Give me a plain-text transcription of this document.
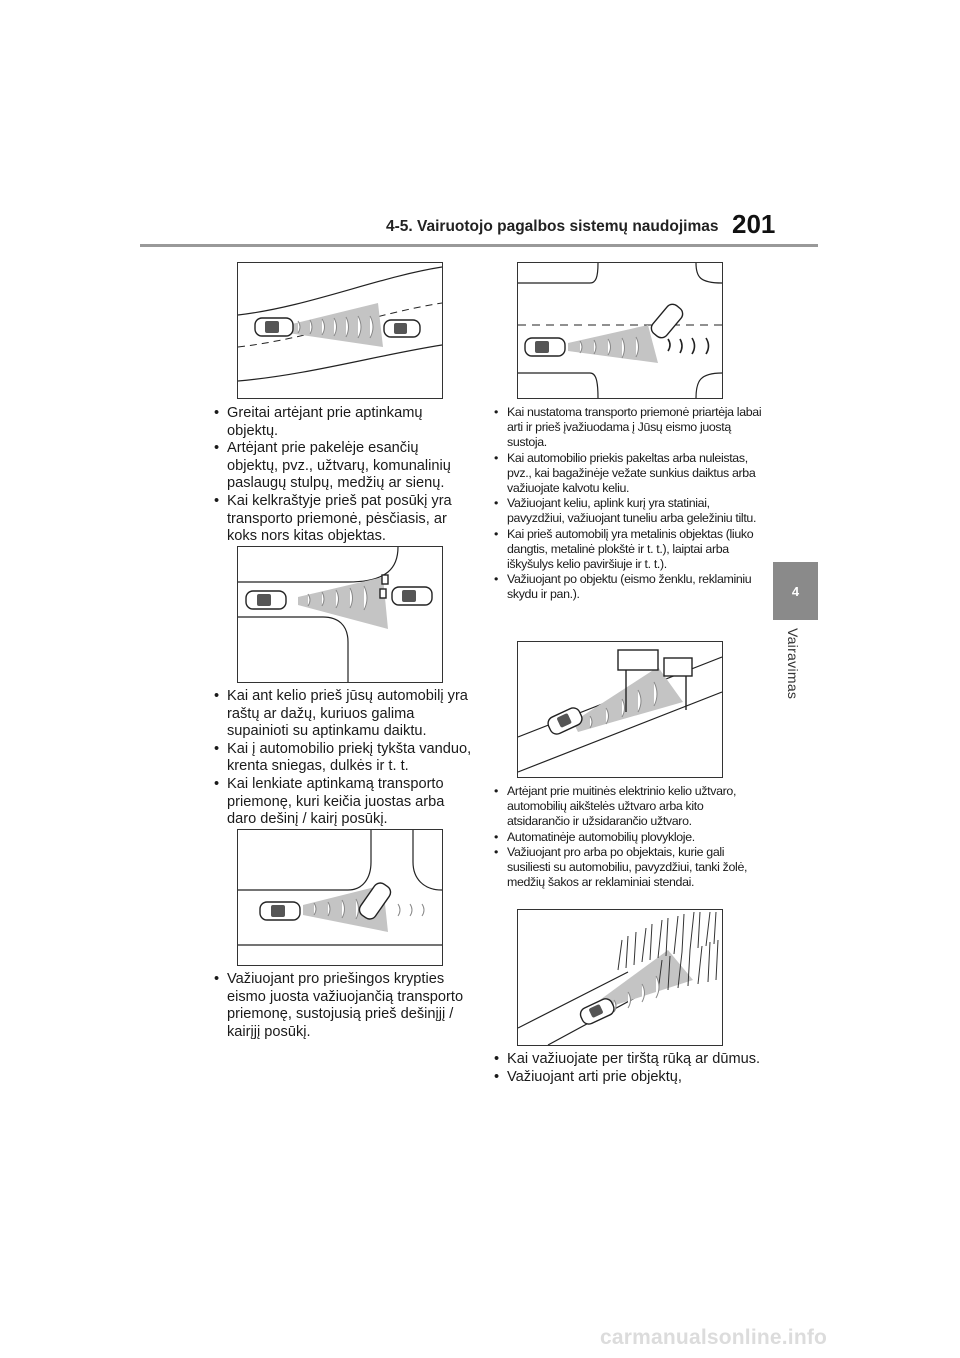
4-5. Vairuotojo pagalbos sistemų naudojimas 201
4
Vairavimas
• Greitai artėjant prie aptinkamų objektų.
• Artėjant prie pakelėje esančių objektų, pvz., užtvarų, komunalinių paslaugų stulpų, medžių ar sienų.
• Kai kelkraštyje prieš pat posūkį yra transporto priemonė, pėsčiasis, ar koks nors kitas objektas.
• Kai ant kelio prieš jūsų automobilį yra raštų ar dažų, kuriuos galima supainioti su aptinkamu daiktu.
• Kai į automobilio priekį tykšta vanduo, krenta sniegas, dulkės ir t. t.
• Kai lenkiate aptinkamą transporto priemonę, kuri keičia juostas arba daro dešinį / kairį posūkį.
• Važiuojant pro priešingos krypties eismo juosta važiuojančią transporto priemonę, sustojusią prieš dešinįjį / kairįjį posūkį.
• Kai nustatoma transporto priemonė priartėja labai arti ir prieš įvažiuodama į Jūsų eismo juostą sustoja.
• Kai automobilio priekis pakeltas arba nuleistas, pvz., kai bagažinėje vežate sunkius daiktus arba važiuojate kalvotu keliu.
• Važiuojant keliu, aplink kurį yra statiniai, pavyzdžiui, važiuojant tuneliu arba geležiniu tiltu.
• Kai prieš automobilį yra metalinis objektas (liuko dangtis, metalinė plokštė ir t. t.), laiptai arba iškyšulys kelio paviršiuje ir t. t.).
• Važiuojant po objektu (eismo ženklu, reklaminiu skydu ir pan.).
• Artėjant prie muitinės elektrinio kelio užtvaro, automobilių aikštelės užtvaro arba kito atsidarančio ir užsidarančio užtvaro.
• Automatinėje automobilių plovykloje.
• Važiuojant pro arba po objektais, kurie gali susiliesti su automobiliu, pavyzdžiui, tanki žolė, medžių šakos ar reklaminiai stendai.
• Kai važiuojate per tirštą rūką ar dūmus.
• Važiuojant arti prie objektų,
carmanualsonline.info
